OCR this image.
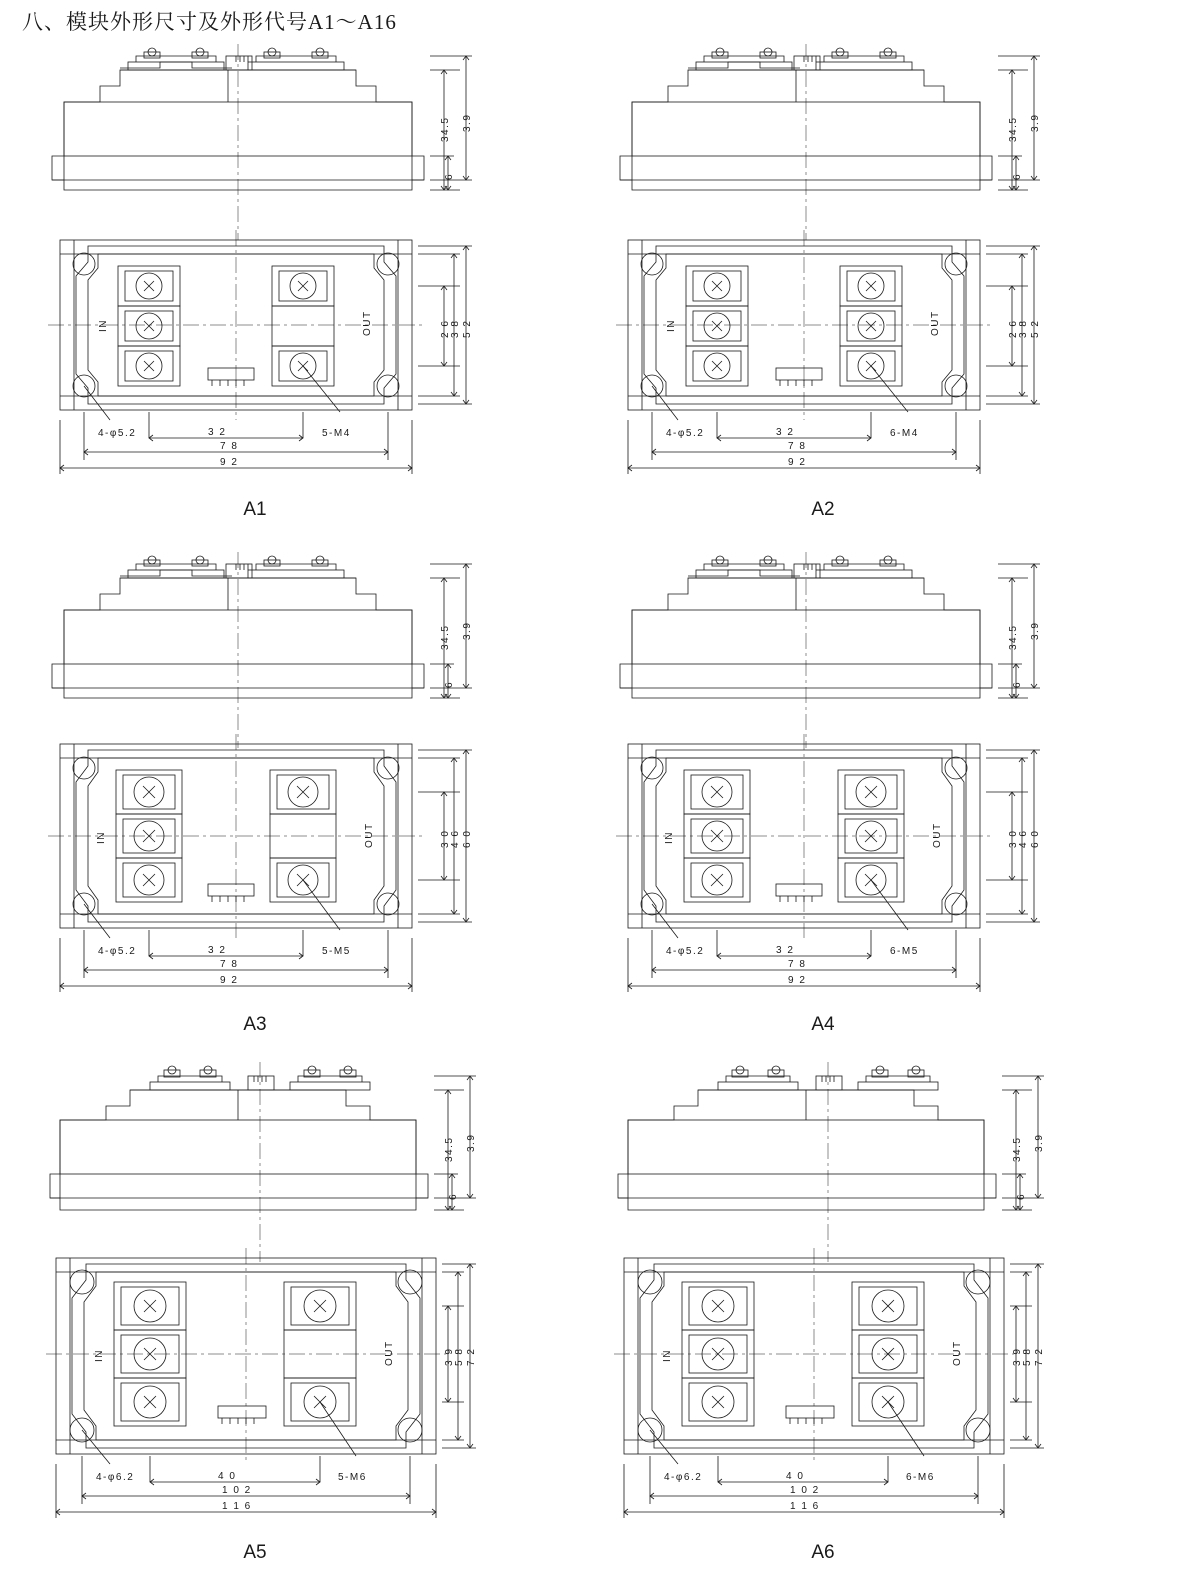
八、模块外形尺寸及外形代号A1～A16
34.5 3.9
6
IN	OUT	2 6 3 8 5 2
4-φ5.2	3 2	5-M4
7 8
9 2
A1
34.5 3.9
6
IN	OUT	2 6 3 8 5 2
4-φ5.2	3 2	6-M4
7 8
9 2
A2
34.5 3.9
6
IN	OUT	3 0 4 6 6 0
4-φ5.2	3 2	5-M5
7 8
9 2
A3
34.5 3.9
6
IN	OUT	3 0 4 6 6 0
4-φ5.2	3 2	6-M5
7 8
9 2
A4
34.5 3.9
6
IN	OUT	3 9 5 8 7 2
4-φ6.2	4 0	5-M6
1 0 2
1 1 6
A5
34.5 3.9
6
IN	OUT	3 9 5 8 7 2
4-φ6.2	4 0	6-M6
1 0 2
1 1 6
A6
